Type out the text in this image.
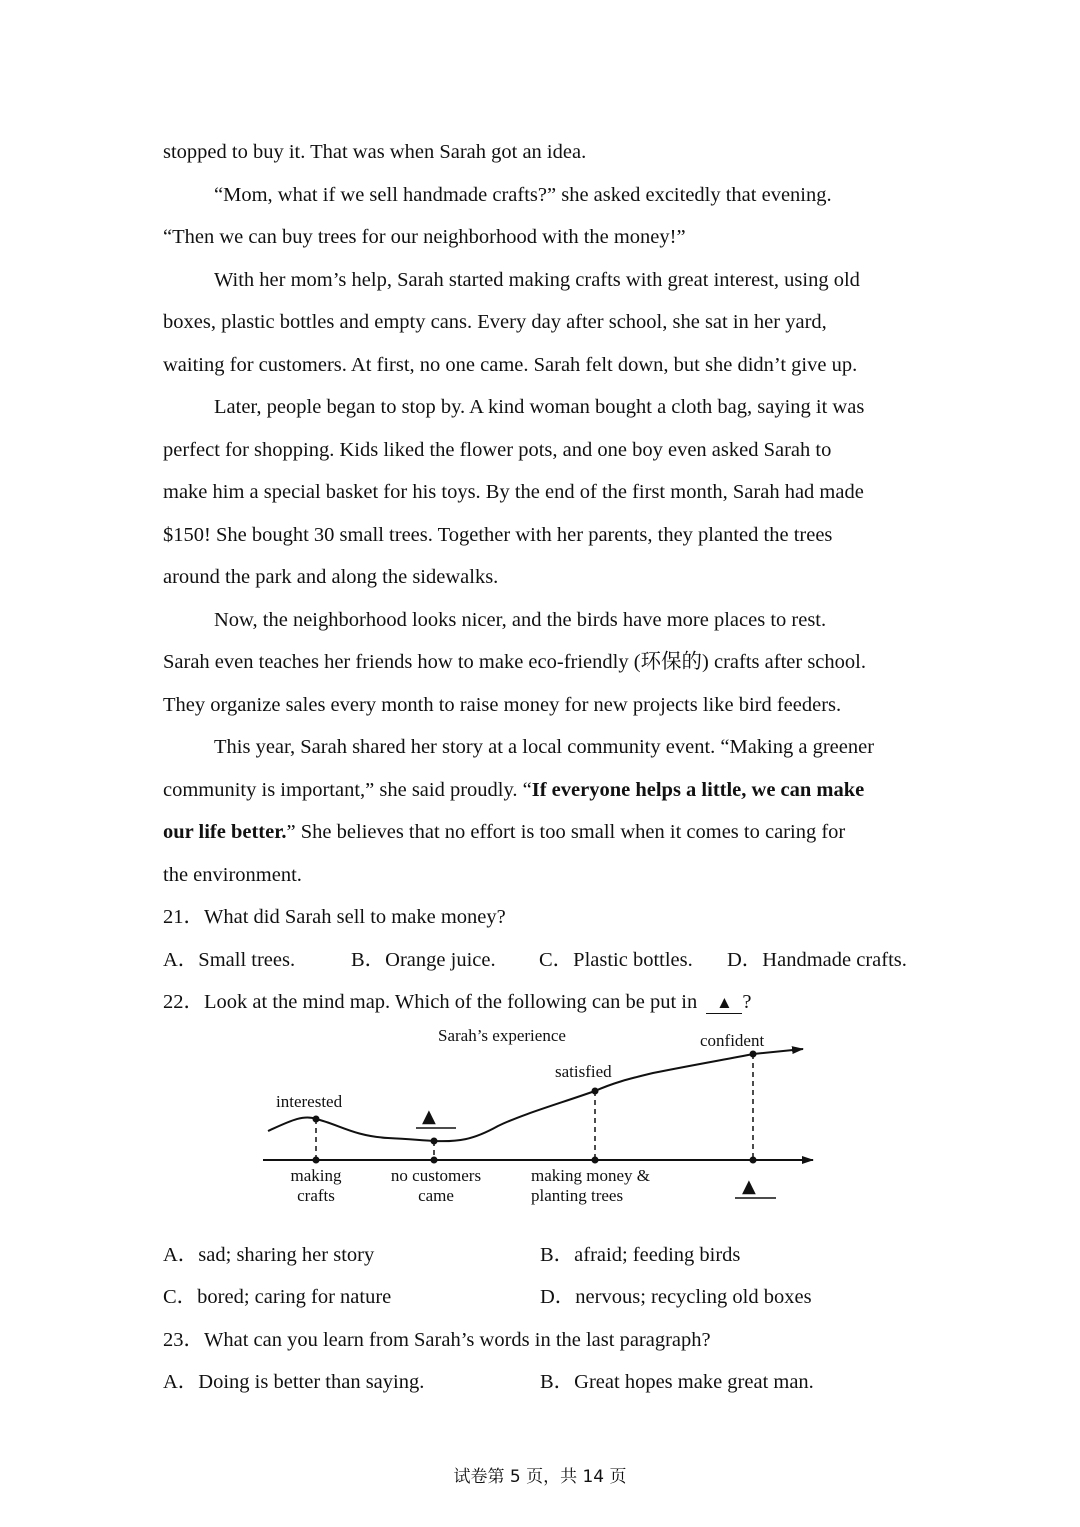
stopped to buy it. That was when Sarah got an idea.
“Mom, what if we sell handmade crafts?” she asked excitedly that evening.
“Then we can buy trees for our neighborhood with the money!”
With her mom’s help, Sarah started making crafts with great interest, using old
boxes, plastic bottles and empty cans. Every day after school, she sat in her yard,
waiting for customers. At first, no one came. Sarah felt down, but she didn’t give up.
Later, people began to stop by. A kind woman bought a cloth bag, saying it was
perfect for shopping. Kids liked the flower pots, and one boy even asked Sarah to
make him a special basket for his toys. By the end of the first month, Sarah had made
$150! She bought 30 small trees. Together with her parents, they planted the trees
around the park and along the sidewalks.
Now, the neighborhood looks nicer, and the birds have more places to rest.
Sarah even teaches her friends how to make eco-friendly (环保的) crafts after school.
They organize sales every month to raise money for new projects like bird feeders.
This year, Sarah shared her story at a local community event. “Making a greener
community is important,” she said proudly. “If everyone helps a little, we can make
our life better.” She believes that no effort is too small when it comes to caring for
the environment.
21．What did Sarah sell to make money?
A．Small trees.	B．Orange juice.	C．Plastic bottles.	D．Handmade crafts.
22．Look at the mind map. Which of the following can be put in ▲ ?
Sarah’s experience
interested
satisfied
confident
▲
making
crafts
no customers
came
making money &
planting trees	▲
A．sad; sharing her story	B．afraid; feeding birds
C．bored; caring for nature	D．nervous; recycling old boxes
23．What can you learn from Sarah’s words in the last paragraph?
A．Doing is better than saying.	B．Great hopes make great man.
试卷第 5 页，共 14 页
